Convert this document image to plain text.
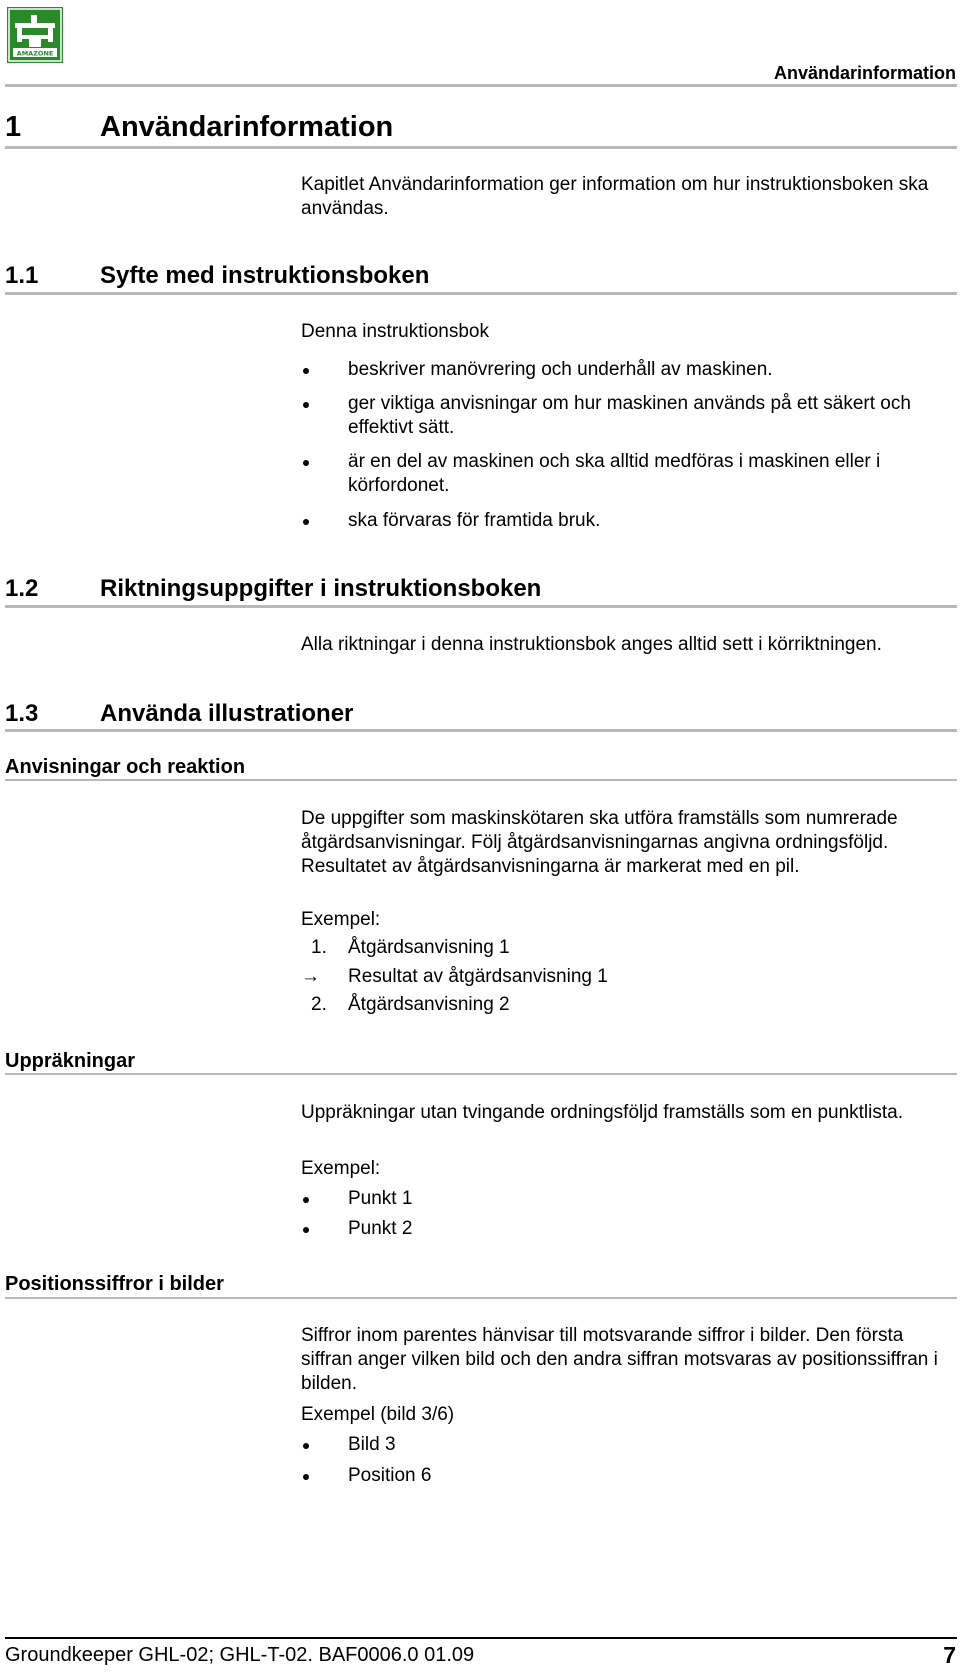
AMAZONE
Användarinformation
1	Användarinformation
Kapitlet Användarinformation ger information om hur instruktionsboken ska användas.
1.1	Syfte med instruktionsboken
Denna instruktionsbok
beskriver manövrering och underhåll av maskinen.
ger viktiga anvisningar om hur maskinen används på ett säkert och effektivt sätt.
är en del av maskinen och ska alltid medföras i maskinen eller i körfordonet.
ska förvaras för framtida bruk.
1.2	Riktningsuppgifter i instruktionsboken
Alla riktningar i denna instruktionsbok anges alltid sett i körriktningen.
1.3	Använda illustrationer
Anvisningar och reaktion
De uppgifter som maskinskötaren ska utföra framställs som numrerade åtgärdsanvisningar. Följ åtgärdsanvisningarnas angivna ordningsföljd. Resultatet av åtgärdsanvisningarna är markerat med en pil.
Exempel:
1.	Åtgärdsanvisning 1
→	Resultat av åtgärdsanvisning 1
2.	Åtgärdsanvisning 2
Uppräkningar
Uppräkningar utan tvingande ordningsföljd framställs som en punktlista.
Exempel:
Punkt 1
Punkt 2
Positionssiffror i bilder
Siffror inom parentes hänvisar till motsvarande siffror i bilder. Den första siffran anger vilken bild och den andra siffran motsvaras av positionssiffran i bilden.
Exempel (bild 3/6)
Bild 3
Position 6
Groundkeeper GHL-02; GHL-T-02. BAF0006.0 01.09	7
